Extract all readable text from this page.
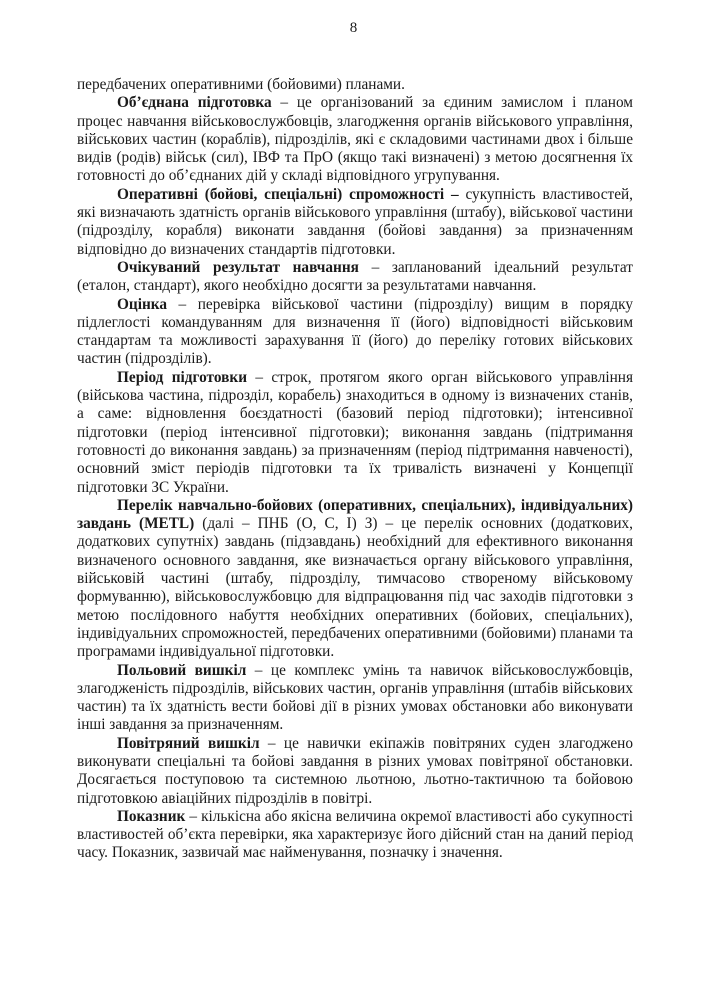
8

передбачених оперативними (бойовими) планами.

Об’єднана підготовка – це організований за єдиним замислом і планом процес навчання військовослужбовців, злагодження органів військового управління, військових частин (кораблів), підрозділів, які є складовими частинами двох і більше видів (родів) військ (сил), ІВФ та ПрО (якщо такі визначені) з метою досягнення їх готовності до об’єднаних дій у складі відповідного угрупування.

Оперативні (бойові, спеціальні) спроможності – сукупність властивостей, які визначають здатність органів військового управління (штабу), військової частини (підрозділу, корабля) виконати завдання (бойові завдання) за призначенням відповідно до визначених стандартів підготовки.

Очікуваний результат навчання – запланований ідеальний результат (еталон, стандарт), якого необхідно досягти за результатами навчання.

Оцінка – перевірка військової частини (підрозділу) вищим в порядку підлеглості командуванням для визначення її (його) відповідності військовим стандартам та можливості зарахування її (його) до переліку готових військових частин (підрозділів).

Період підготовки – строк, протягом якого орган військового управління (військова частина, підрозділ, корабель) знаходиться в одному із визначених станів, а саме: відновлення боєздатності (базовий період підготовки); інтенсивної підготовки (період інтенсивної підготовки); виконання завдань (підтримання готовності до виконання завдань) за призначенням (період підтримання навченості), основний зміст періодів підготовки та їх тривалість визначені у Концепції підготовки ЗС України.

Перелік навчально-бойових (оперативних, спеціальних), індивідуальних) завдань (METL) (далі – ПНБ (О, С, І) З) – це перелік основних (додаткових, додаткових супутніх) завдань (підзавдань) необхідний для ефективного виконання визначеного основного завдання, яке визначається органу військового управління, військовій частині (штабу, підрозділу, тимчасово створеному військовому формуванню), військовослужбовцю для відпрацювання під час заходів підготовки з метою послідовного набуття необхідних оперативних (бойових, спеціальних), індивідуальних спроможностей, передбачених оперативними (бойовими) планами та програмами індивідуальної підготовки.

Польовий вишкіл – це комплекс умінь та навичок військовослужбовців, злагодженість підрозділів, військових частин, органів управління (штабів військових частин) та їх здатність вести бойові дії в різних умовах обстановки або виконувати інші завдання за призначенням.

Повітряний вишкіл – це навички екіпажів повітряних суден злагоджено виконувати спеціальні та бойові завдання в різних умовах повітряної обстановки. Досягається поступовою та системною льотною, льотно-тактичною та бойовою підготовкою авіаційних підрозділів в повітрі.

Показник – кількісна або якісна величина окремої властивості або сукупності властивостей об’єкта перевірки, яка характеризує його дійсний стан на даний період часу. Показник, зазвичай має найменування, позначку і значення.
